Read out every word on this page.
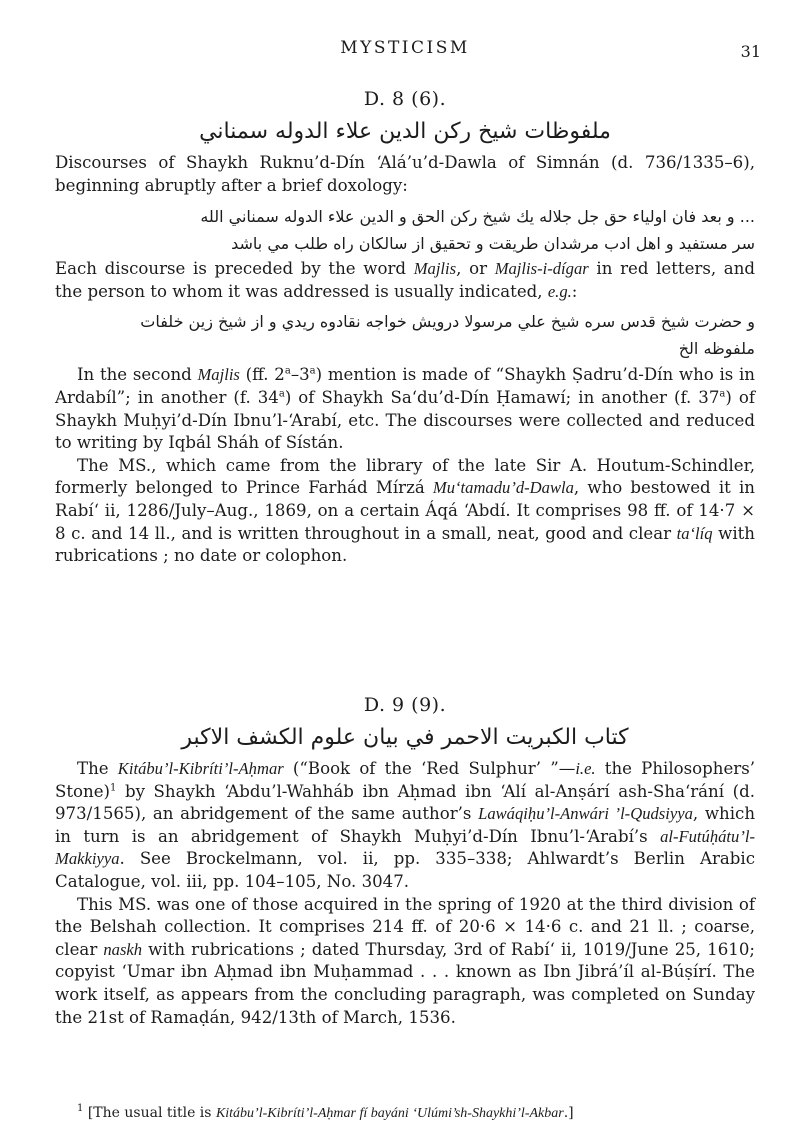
MYSTICISM	31
D. 8 (6).
ملفوظات شيخ ركن الدين علاء الدوله سمناني

Discourses of Shaykh Ruknu’d-Dín ‘Alá’u’d-Dawla of Simnán (d. 736/1335–6), beginning abruptly after a brief doxology:

... و بعد فان اولياء حق جل جلاله يك شيخ ركن الحق و الدين علاء الدوله سمناني الله
سر مستفيد و اهل ادب مرشدان طريقت و تحقيق از سالكان راه طلب مي باشد

Each discourse is preceded by the word Majlis, or Majlis-i-dígar in red letters, and the person to whom it was addressed is usually indicated, e.g.:

و حضرت شيخ قدس سره شيخ علي مرسولا درويش خواجه نقادوه ريدي و از شيخ زين خلفات
ملفوظه الخ

In the second Majlis (ff. 2$^a$–3$^a$) mention is made of “Shaykh Ṣadru’d-Dín who is in Ardabíl”; in another (f. 34$^a$) of Shaykh Sa‘du’d-Dín Ḥamawí; in another (f. 37$^a$) of Shaykh Muḥyi’d-Dín Ibnu’l-‘Arabí, etc. The discourses were collected and reduced to writing by Iqbál Sháh of Sístán.

The MS., which came from the library of the late Sir A. Houtum-Schindler, formerly belonged to Prince Farhád Mírzá Mu‘tamadu’d-Dawla, who bestowed it in Rabí‘ ii, 1286/July–Aug., 1869, on a certain Áqá ‘Abdí. It comprises 98 ff. of 14·7 × 8 c. and 14 ll., and is written throughout in a small, neat, good and clear ta‘líq with rubrications ; no date or colophon.

D. 9 (9).
كتاب الكبريت الاحمر في بيان علوم الكشف الاكبر

The Kitábu’l-Kibríti’l-Aḥmar (“Book of the ‘Red Sulphur’ ”—i.e. the Philosophers’ Stone)$^1$ by Shaykh ‘Abdu’l-Wahháb ibn Aḥmad ibn ‘Alí al-Anṣárí ash-Sha‘rání (d. 973/1565), an abridgement of the same author’s Lawáqiḥu’l-Anwári ’l-Qudsiyya, which in turn is an abridgement of Shaykh Muḥyi’d-Dín Ibnu’l-‘Arabí’s al-Futúḥátu’l-Makkiyya. See Brockelmann, vol. ii, pp. 335–338; Ahlwardt’s Berlin Arabic Catalogue, vol. iii, pp. 104–105, No. 3047.

This MS. was one of those acquired in the spring of 1920 at the third division of the Belshah collection. It comprises 214 ff. of 20·6 × 14·6 c. and 21 ll. ; coarse, clear naskh with rubrications ; dated Thursday, 3rd of Rabí‘ ii, 1019/June 25, 1610; copyist ‘Umar ibn Aḥmad ibn Muḥammad . . . known as Ibn Jibrá’íl al-Búṣírí. The work itself, as appears from the concluding paragraph, was completed on Sunday the 21st of Ramaḍán, 942/13th of March, 1536.

$^1$ [The usual title is Kitábu’l-Kibríti’l-Aḥmar fí bayáni ‘Ulúmi’sh-Shaykhi’l-Akbar.]
